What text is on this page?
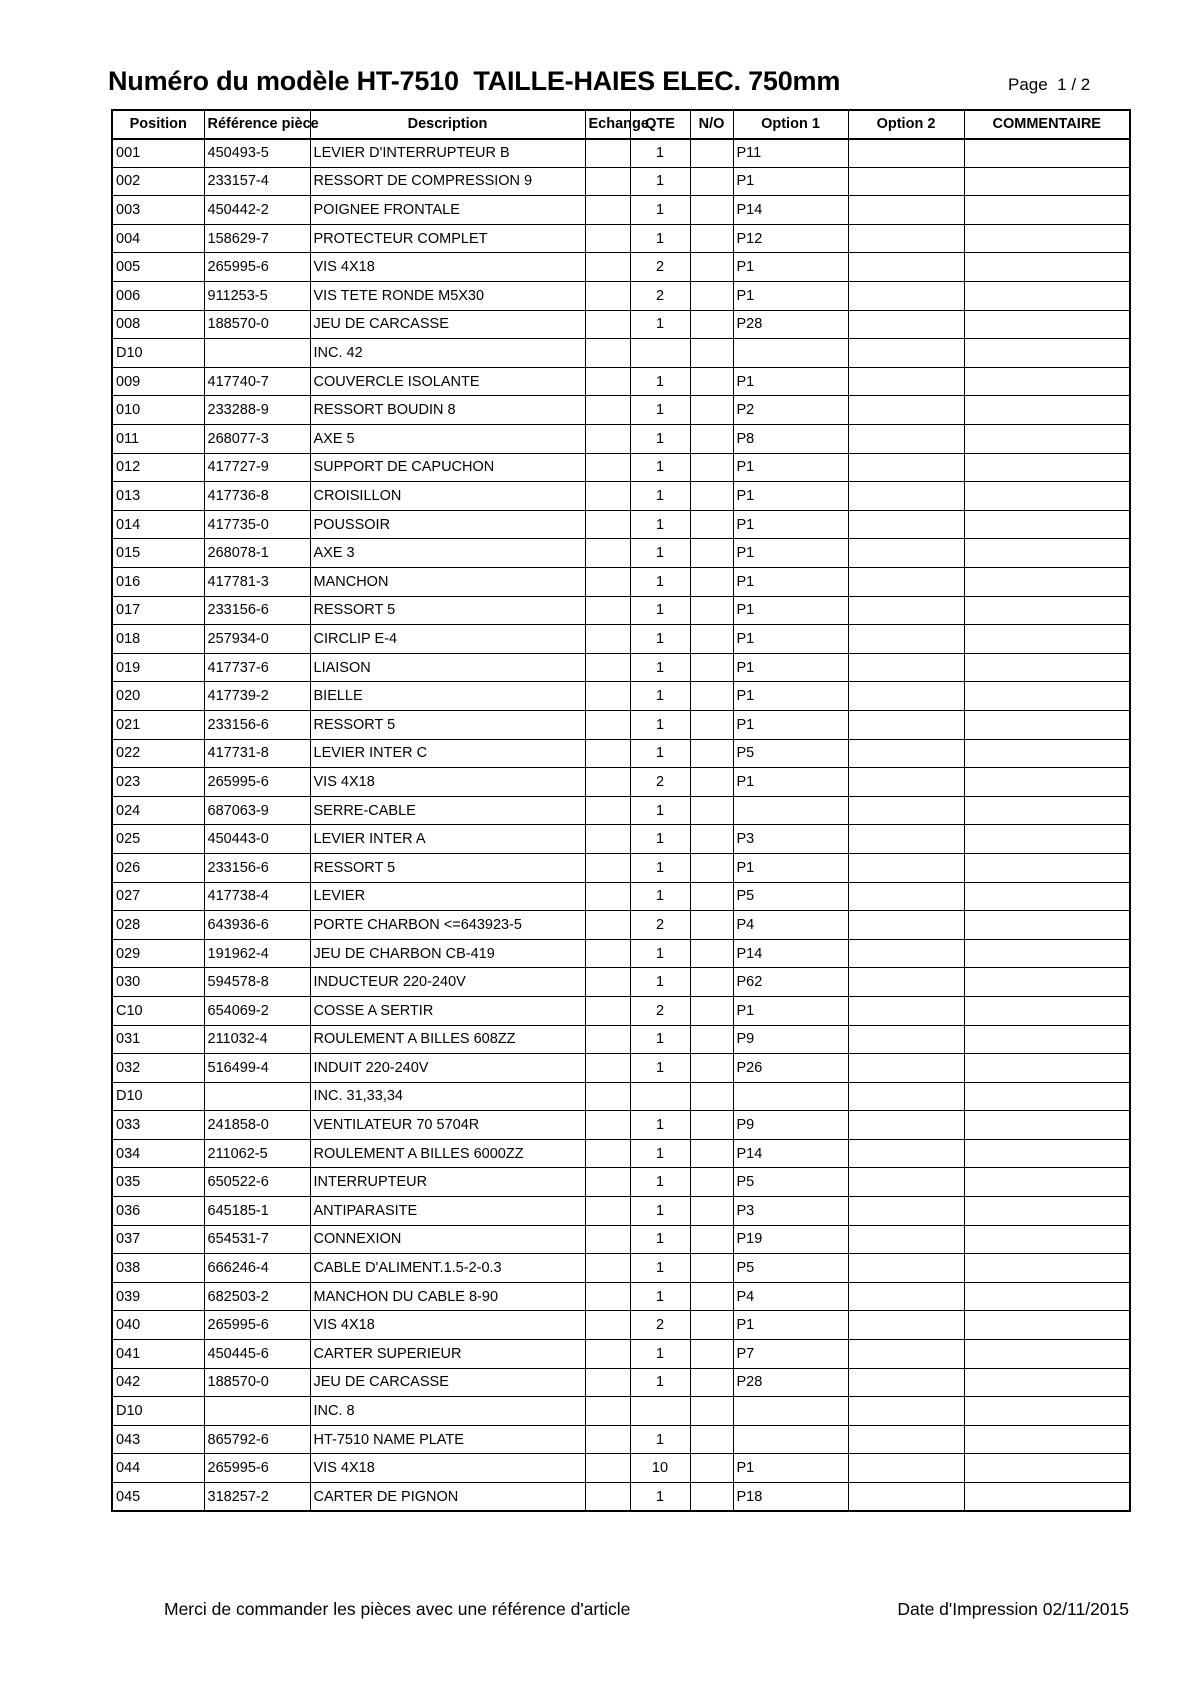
Numéro du modèle HT-7510  TAILLE-HAIES ELEC. 750mm	Page  1 / 2
Position	Référence pièce	Description	Echange	QTE	N/O	Option 1	Option 2	COMMENTAIRE
001	450493-5	LEVIER D'INTERRUPTEUR B		1		P11		
002	233157-4	RESSORT DE COMPRESSION 9		1		P1		
003	450442-2	POIGNEE FRONTALE		1		P14		
004	158629-7	PROTECTEUR COMPLET		1		P12		
005	265995-6	VIS 4X18		2		P1		
006	911253-5	VIS TETE RONDE M5X30		2		P1		
008	188570-0	JEU DE CARCASSE		1		P28		
D10		INC. 42						
009	417740-7	COUVERCLE ISOLANTE		1		P1		
010	233288-9	RESSORT BOUDIN 8		1		P2		
011	268077-3	AXE 5		1		P8		
012	417727-9	SUPPORT DE CAPUCHON		1		P1		
013	417736-8	CROISILLON		1		P1		
014	417735-0	POUSSOIR		1		P1		
015	268078-1	AXE 3		1		P1		
016	417781-3	MANCHON		1		P1		
017	233156-6	RESSORT 5		1		P1		
018	257934-0	CIRCLIP E-4		1		P1		
019	417737-6	LIAISON		1		P1		
020	417739-2	BIELLE		1		P1		
021	233156-6	RESSORT 5		1		P1		
022	417731-8	LEVIER INTER C		1		P5		
023	265995-6	VIS 4X18		2		P1		
024	687063-9	SERRE-CABLE		1				
025	450443-0	LEVIER INTER A		1		P3		
026	233156-6	RESSORT 5		1		P1		
027	417738-4	LEVIER		1		P5		
028	643936-6	PORTE CHARBON <=643923-5		2		P4		
029	191962-4	JEU DE CHARBON CB-419		1		P14		
030	594578-8	INDUCTEUR 220-240V		1		P62		
C10	654069-2	COSSE A SERTIR		2		P1		
031	211032-4	ROULEMENT A BILLES 608ZZ		1		P9		
032	516499-4	INDUIT 220-240V		1		P26		
D10		INC. 31,33,34						
033	241858-0	VENTILATEUR 70 5704R		1		P9		
034	211062-5	ROULEMENT A BILLES 6000ZZ		1		P14		
035	650522-6	INTERRUPTEUR		1		P5		
036	645185-1	ANTIPARASITE		1		P3		
037	654531-7	CONNEXION		1		P19		
038	666246-4	CABLE D'ALIMENT.1.5-2-0.3		1		P5		
039	682503-2	MANCHON DU CABLE 8-90		1		P4		
040	265995-6	VIS 4X18		2		P1		
041	450445-6	CARTER SUPERIEUR		1		P7		
042	188570-0	JEU DE CARCASSE		1		P28		
D10		INC. 8						
043	865792-6	HT-7510 NAME PLATE		1				
044	265995-6	VIS 4X18		10		P1		
045	318257-2	CARTER DE PIGNON		1		P18		
Merci de commander les pièces avec une référence d'article	Date d'Impression 02/11/2015
